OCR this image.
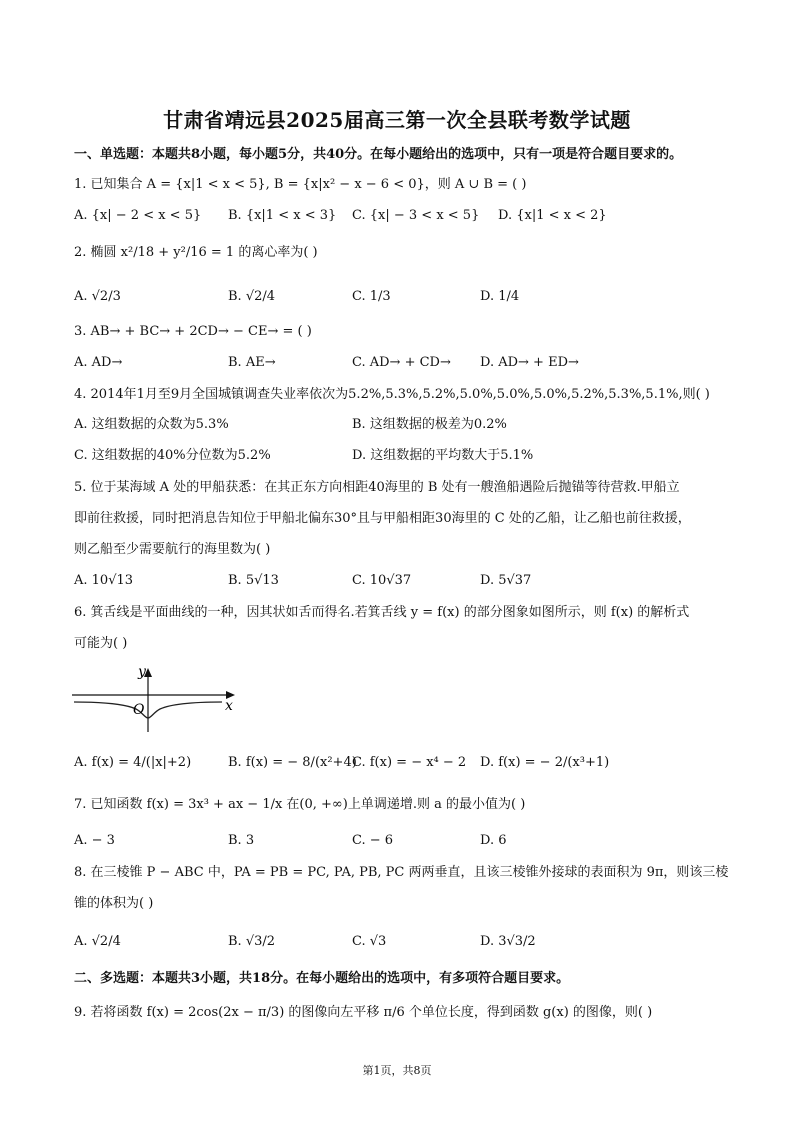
甘肃省靖远县2025届高三第一次全县联考数学试题
一、单选题：本题共8小题，每小题5分，共40分。在每小题给出的选项中，只有一项是符合题目要求的。
1. 已知集合 A = {x|1 < x < 5}, B = {x|x² − x − 6 < 0}，则 A ∪ B = ( )
A. {x| − 2 < x < 5} B. {x|1 < x < 3} C. {x| − 3 < x < 5} D. {x|1 < x < 2}
2. 椭圆 x²/18 + y²/16 = 1 的离心率为( )
A. √2/3	B. √2/4	C. 1/3	D. 1/4
3. AB→ + BC→ + 2CD→ − CE→ = ( )
A. AD→	B. AE→	C. AD→ + CD→ D. AD→ + ED→
4. 2014年1月至9月全国城镇调查失业率依次为5.2%,5.3%,5.2%,5.0%,5.0%,5.0%,5.2%,5.3%,5.1%,则( )
A. 这组数据的众数为5.3%	B. 这组数据的极差为0.2%
C. 这组数据的40%分位数为5.2%	D. 这组数据的平均数大于5.1%
5. 位于某海域 A 处的甲船获悉：在其正东方向相距40海里的 B 处有一艘渔船遇险后抛锚等待营救.甲船立
即前往救援，同时把消息告知位于甲船北偏东30°且与甲船相距30海里的 C 处的乙船，让乙船也前往救援，
则乙船至少需要航行的海里数为( )
A. 10√13	B. 5√13	C. 10√37	D. 5√37
6. 箕舌线是平面曲线的一种，因其状如舌而得名.若箕舌线 y = f(x) 的部分图象如图所示，则 f(x) 的解析式
可能为( )
y
x
O
A. f(x) = 4/(|x|+2)	B. f(x) = − 8/(x²+4)
C. f(x) = − x⁴ − 2 D. f(x) = − 2/(x³+1)
7. 已知函数 f(x) = 3x³ + ax − 1/x 在(0, +∞)上单调递增.则 a 的最小值为( )
A. − 3	B. 3	C. − 6	D. 6
8. 在三棱锥 P − ABC 中，PA = PB = PC, PA, PB, PC 两两垂直，且该三棱锥外接球的表面积为 9π，则该三棱
锥的体积为( )
A. √2/4	B. √3/2	C. √3	D. 3√3/2
二、多选题：本题共3小题，共18分。在每小题给出的选项中，有多项符合题目要求。
9. 若将函数 f(x) = 2cos(2x − π/3) 的图像向左平移 π/6 个单位长度，得到函数 g(x) 的图像，则( )
第1页，共8页
